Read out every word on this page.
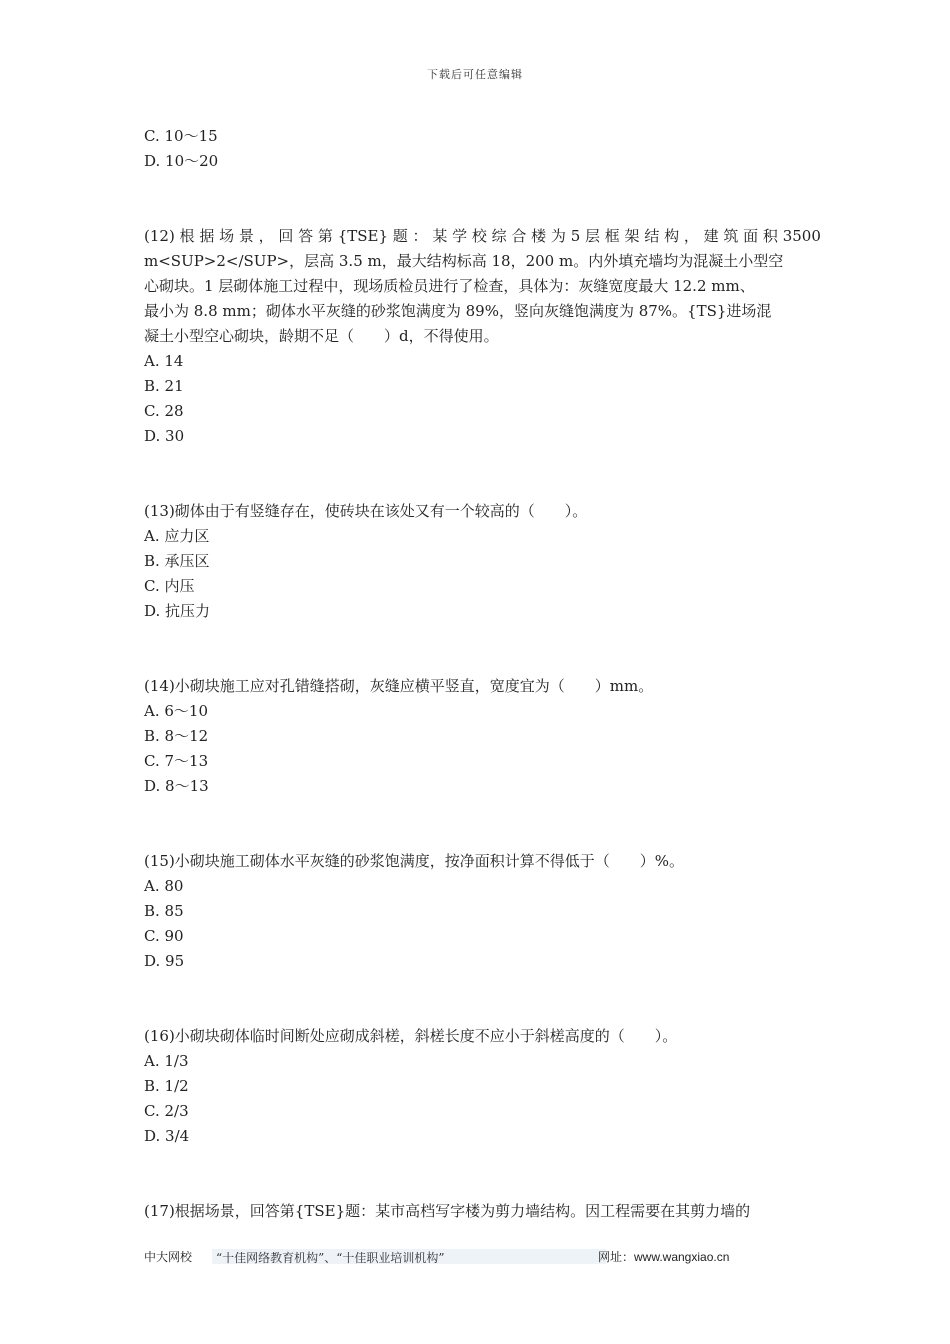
下载后可任意编辑
C. 10～15
D. 10～20
(12) 根 据 场 景 ， 回 答 第 {TSE} 题 ： 某 学 校 综 合 楼 为 5 层 框 架 结 构 ， 建 筑 面 积 3500
m<SUP>2</SUP>，层高 3.5 m，最大结构标高 18，200 m。内外填充墙均为混凝土小型空
心砌块。1 层砌体施工过程中，现场质检员进行了检查，具体为：灰缝宽度最大 12.2 mm、
最小为 8.8 mm；砌体水平灰缝的砂浆饱满度为 89%，竖向灰缝饱满度为 87%。{TS}进场混
凝土小型空心砌块，龄期不足（　　）d，不得使用。
A. 14
B. 21
C. 28
D. 30
(13)砌体由于有竖缝存在，使砖块在该处又有一个较高的（　　）。
A. 应力区
B. 承压区
C. 内压
D. 抗压力
(14)小砌块施工应对孔错缝搭砌，灰缝应横平竖直，宽度宜为（　　）mm。
A. 6～10
B. 8～12
C. 7～13
D. 8～13
(15)小砌块施工砌体水平灰缝的砂浆饱满度，按净面积计算不得低于（　　）%。
A. 80
B. 85
C. 90
D. 95
(16)小砌块砌体临时间断处应砌成斜槎，斜槎长度不应小于斜槎高度的（　　）。
A. 1/3
B. 1/2
C. 2/3
D. 3/4
(17)根据场景，回答第{TSE}题：某市高档写字楼为剪力墙结构。因工程需要在其剪力墙的
中大网校	“十佳网络教育机构”、“十佳职业培训机构”	网址：www.wangxiao.cn
